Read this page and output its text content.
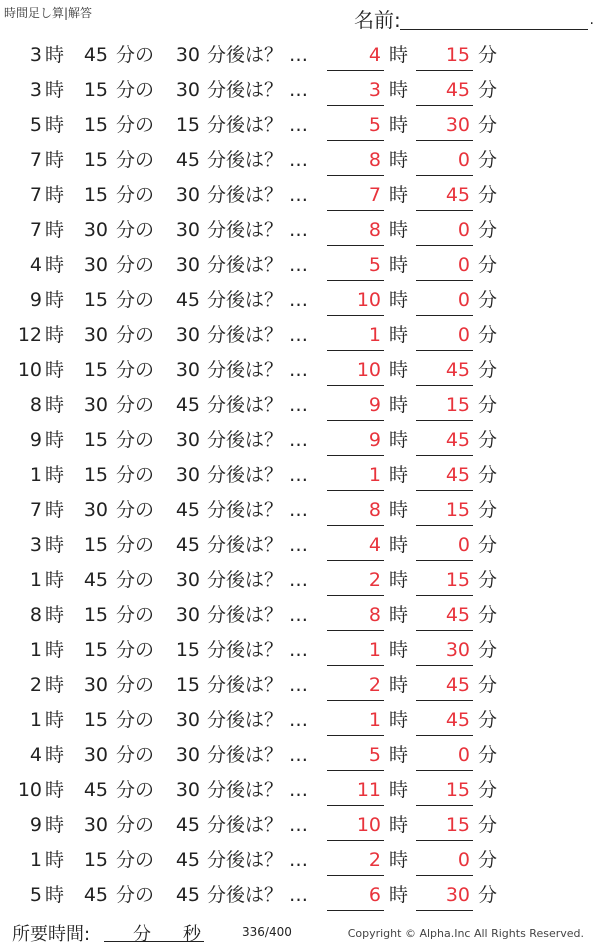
時間足し算|解答	名前:	.
3 時	45 分の	30 分後は？ …	4 時	15 分
3 時	15 分の	30 分後は？ …	3 時	45 分
5 時	15 分の	15 分後は？ …	5 時	30 分
7 時	15 分の	45 分後は？ …	8 時	0 分
7 時	15 分の	30 分後は？ …	7 時	45 分
7 時	30 分の	30 分後は？ …	8 時	0 分
4 時	30 分の	30 分後は？ …	5 時	0 分
9 時	15 分の	45 分後は？ …	10 時	0 分
12 時	30 分の	30 分後は？ …	1 時	0 分
10 時	15 分の	30 分後は？ …	10 時	45 分
8 時	30 分の	45 分後は？ …	9 時	15 分
9 時	15 分の	30 分後は？ …	9 時	45 分
1 時	15 分の	30 分後は？ …	1 時	45 分
7 時	30 分の	45 分後は？ …	8 時	15 分
3 時	15 分の	45 分後は？ …	4 時	0 分
1 時	45 分の	30 分後は？ …	2 時	15 分
8 時	15 分の	30 分後は？ …	8 時	45 分
1 時	15 分の	15 分後は？ …	1 時	30 分
2 時	30 分の	15 分後は？ …	2 時	45 分
1 時	15 分の	30 分後は？ …	1 時	45 分
4 時	30 分の	30 分後は？ …	5 時	0 分
10 時	45 分の	30 分後は？ …	11 時	15 分
9 時	30 分の	45 分後は？ …	10 時	15 分
1 時	15 分の	45 分後は？ …	2 時	0 分
5 時	45 分の	45 分後は？ …	6 時	30 分
所要時間: 分 秒	336/400	Copyright © Alpha.Inc All Rights Reserved.
